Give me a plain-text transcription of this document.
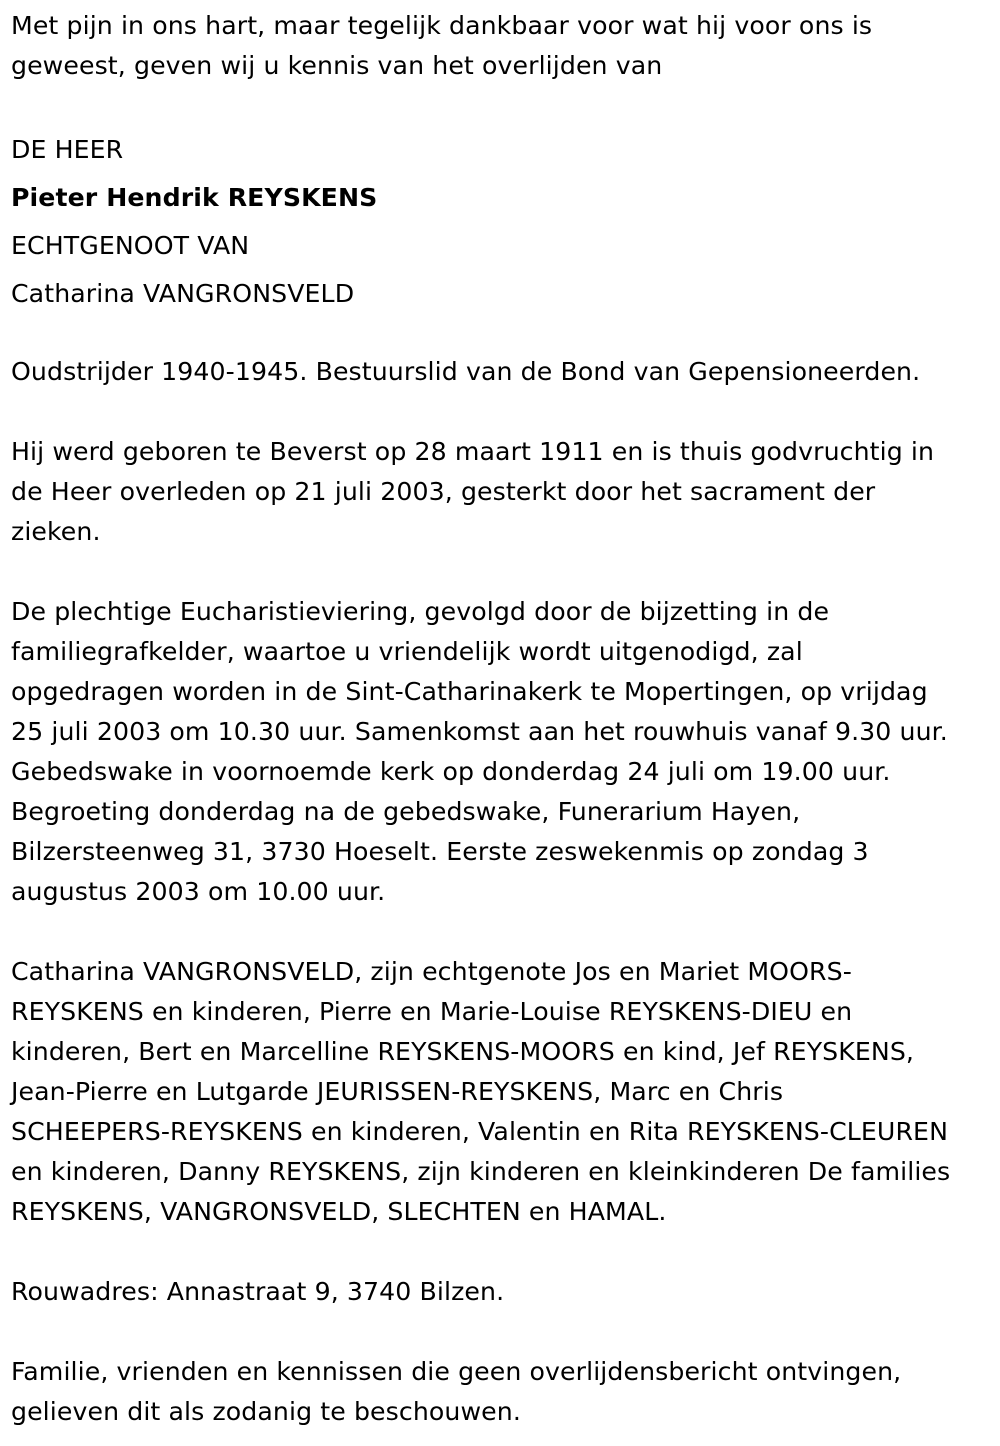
Met pijn in ons hart, maar tegelijk dankbaar voor wat hij voor ons is

geweest, geven wij u kennis van het overlijden van

DE HEER

Pieter Hendrik REYSKENS

ECHTGENOOT VAN

Catharina VANGRONSVELD

Oudstrijder 1940-1945. Bestuurslid van de Bond van Gepensioneerden.

Hij werd geboren te Beverst op 28 maart 1911 en is thuis godvruchtig in

de Heer overleden op 21 juli 2003, gesterkt door het sacrament der

zieken.

De plechtige Eucharistieviering, gevolgd door de bijzetting in de

familiegrafkelder, waartoe u vriendelijk wordt uitgenodigd, zal

opgedragen worden in de Sint-Catharinakerk te Mopertingen, op vrijdag

25 juli 2003 om 10.30 uur. Samenkomst aan het rouwhuis vanaf 9.30 uur.

Gebedswake in voornoemde kerk op donderdag 24 juli om 19.00 uur.

Begroeting donderdag na de gebedswake, Funerarium Hayen,

Bilzersteenweg 31, 3730 Hoeselt. Eerste zeswekenmis op zondag 3

augustus 2003 om 10.00 uur.

Catharina VANGRONSVELD, zijn echtgenote Jos en Mariet MOORS-

REYSKENS en kinderen, Pierre en Marie-Louise REYSKENS-DIEU en

kinderen, Bert en Marcelline REYSKENS-MOORS en kind, Jef REYSKENS,

Jean-Pierre en Lutgarde JEURISSEN-REYSKENS, Marc en Chris

SCHEEPERS-REYSKENS en kinderen, Valentin en Rita REYSKENS-CLEUREN

en kinderen, Danny REYSKENS, zijn kinderen en kleinkinderen De families

REYSKENS, VANGRONSVELD, SLECHTEN en HAMAL.

Rouwadres: Annastraat 9, 3740 Bilzen.

Familie, vrienden en kennissen die geen overlijdensbericht ontvingen,

gelieven dit als zodanig te beschouwen.
